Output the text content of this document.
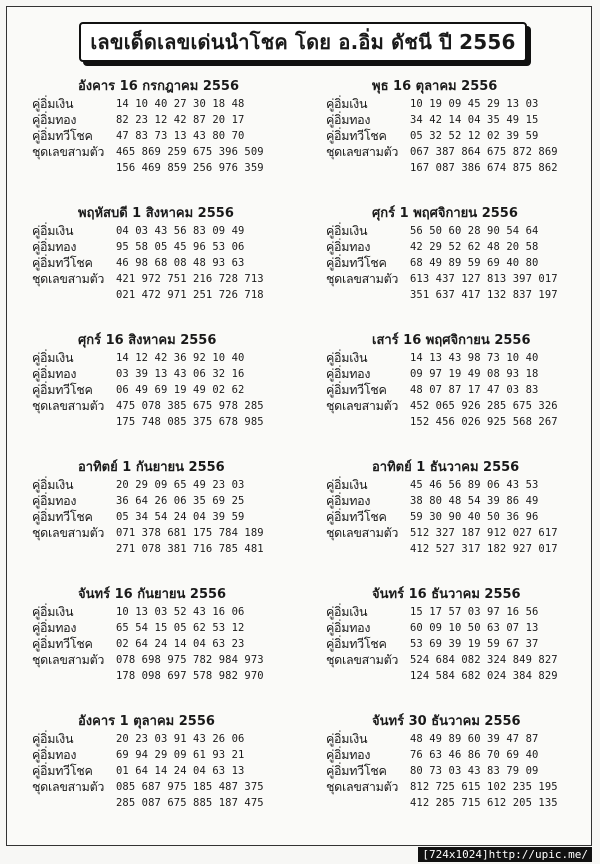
เลขเด็ดเลขเด่นนำโชค โดย อ.อิ่ม ดัชนี ปี 2556
อังคาร 16 กรกฎาคม 2556
คู่อิ่มเงิน	14 10 40 27 30 18 48
คู่อิ่มทอง	82 23 12 42 87 20 17
คู่อิ่มทวีโชค	47 83 73 13 43 80 70
ชุดเลขสามตัว	465 869 259 675 396 509
156 469 859 256 976 359
พฤหัสบดี 1 สิงหาคม 2556
คู่อิ่มเงิน	04 03 43 56 83 09 49
คู่อิ่มทอง	95 58 05 45 96 53 06
คู่อิ่มทวีโชค	46 98 68 08 48 93 63
ชุดเลขสามตัว	421 972 751 216 728 713
021 472 971 251 726 718
ศุกร์ 16 สิงหาคม 2556
คู่อิ่มเงิน	14 12 42 36 92 10 40
คู่อิ่มทอง	03 39 13 43 06 32 16
คู่อิ่มทวีโชค	06 49 69 19 49 02 62
ชุดเลขสามตัว	475 078 385 675 978 285
175 748 085 375 678 985
อาทิตย์ 1 กันยายน 2556
คู่อิ่มเงิน	20 29 09 65 49 23 03
คู่อิ่มทอง	36 64 26 06 35 69 25
คู่อิ่มทวีโชค	05 34 54 24 04 39 59
ชุดเลขสามตัว	071 378 681 175 784 189
271 078 381 716 785 481
จันทร์ 16 กันยายน 2556
คู่อิ่มเงิน	10 13 03 52 43 16 06
คู่อิ่มทอง	65 54 15 05 62 53 12
คู่อิ่มทวีโชค	02 64 24 14 04 63 23
ชุดเลขสามตัว	078 698 975 782 984 973
178 098 697 578 982 970
อังคาร 1 ตุลาคม 2556
คู่อิ่มเงิน	20 23 03 91 43 26 06
คู่อิ่มทอง	69 94 29 09 61 93 21
คู่อิ่มทวีโชค	01 64 14 24 04 63 13
ชุดเลขสามตัว	085 687 975 185 487 375
285 087 675 885 187 475
พุธ 16 ตุลาคม 2556
คู่อิ่มเงิน	10 19 09 45 29 13 03
คู่อิ่มทอง	34 42 14 04 35 49 15
คู่อิ่มทวีโชค	05 32 52 12 02 39 59
ชุดเลขสามตัว	067 387 864 675 872 869
167 087 386 674 875 862
ศุกร์ 1 พฤศจิกายน 2556
คู่อิ่มเงิน	56 50 60 28 90 54 64
คู่อิ่มทอง	42 29 52 62 48 20 58
คู่อิ่มทวีโชค	68 49 89 59 69 40 80
ชุดเลขสามตัว	613 437 127 813 397 017
351 637 417 132 837 197
เสาร์ 16 พฤศจิกายน 2556
คู่อิ่มเงิน	14 13 43 98 73 10 40
คู่อิ่มทอง	09 97 19 49 08 93 18
คู่อิ่มทวีโชค	48 07 87 17 47 03 83
ชุดเลขสามตัว	452 065 926 285 675 326
152 456 026 925 568 267
อาทิตย์ 1 ธันวาคม 2556
คู่อิ่มเงิน	45 46 56 89 06 43 53
คู่อิ่มทอง	38 80 48 54 39 86 49
คู่อิ่มทวีโชค	59 30 90 40 50 36 96
ชุดเลขสามตัว	512 327 187 912 027 617
412 527 317 182 927 017
จันทร์ 16 ธันวาคม 2556
คู่อิ่มเงิน	15 17 57 03 97 16 56
คู่อิ่มทอง	60 09 10 50 63 07 13
คู่อิ่มทวีโชค	53 69 39 19 59 67 37
ชุดเลขสามตัว	524 684 082 324 849 827
124 584 682 024 384 829
จันทร์ 30 ธันวาคม 2556
คู่อิ่มเงิน	48 49 89 60 39 47 87
คู่อิ่มทอง	76 63 46 86 70 69 40
คู่อิ่มทวีโชค	80 73 03 43 83 79 09
ชุดเลขสามตัว	812 725 615 102 235 195
412 285 715 612 205 135
[724x1024]http://upic.me/
